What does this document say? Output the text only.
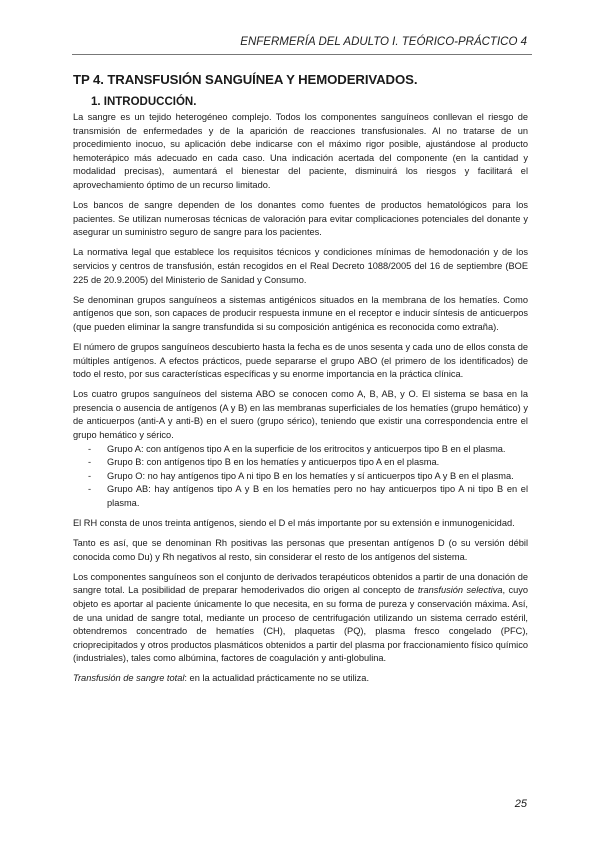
ENFERMERÍA DEL ADULTO I. TEÓRICO-PRÁCTICO 4
TP 4. TRANSFUSIÓN SANGUÍNEA Y HEMODERIVADOS.
1. INTRODUCCIÓN.

La sangre es un tejido heterogéneo complejo. Todos los componentes sanguíneos conllevan el riesgo de transmisión de enfermedades y de la aparición de reacciones transfusionales. Al no tratarse de un procedimiento inocuo, su aplicación debe indicarse con el máximo rigor posible, ajustándose al producto hemoterápico más adecuado en cada caso. Una indicación acertada del componente (en la cantidad y modalidad precisas), aumentará el bienestar del paciente, disminuirá los riesgos y facilitará el aprovechamiento óptimo de un recurso limitado.

Los bancos de sangre dependen de los donantes como fuentes de productos hematológicos para los pacientes. Se utilizan numerosas técnicas de valoración para evitar complicaciones potenciales del donante y asegurar un suministro seguro de sangre para los pacientes.

La normativa legal que establece los requisitos técnicos y condiciones mínimas de hemodonación y de los servicios y centros de transfusión, están recogidos en el Real Decreto 1088/2005 del 16 de septiembre (BOE 225 de 20.9.2005) del Ministerio de Sanidad y Consumo.

Se denominan grupos sanguíneos a sistemas antigénicos situados en la membrana de los hematíes. Como antígenos que son, son capaces de producir respuesta inmune en el receptor e inducir síntesis de anticuerpos (que pueden eliminar la sangre transfundida si su composición antigénica es reconocida como extraña).

El número de grupos sanguíneos descubierto hasta la fecha es de unos sesenta y cada uno de ellos consta de múltiples antígenos. A efectos prácticos, puede separarse el grupo ABO (el primero de los identificados) de todo el resto, por sus características específicas y su enorme importancia en la práctica clínica.

Los cuatro grupos sanguíneos del sistema ABO se conocen como A, B, AB, y O. El sistema se basa en la presencia o ausencia de antígenos (A y B) en las membranas superficiales de los hematíes (grupo hemático) y de anticuerpos (anti-A y anti-B) en el suero (grupo sérico), teniendo que existir una correspondencia entre el grupo hemático y sérico.

- Grupo A: con antígenos tipo A en la superficie de los eritrocitos y anticuerpos tipo B en el plasma.
- Grupo B: con antígenos tipo B en los hematíes y anticuerpos tipo A en el plasma.
- Grupo O: no hay antígenos tipo A ni tipo B en los hematíes y sí anticuerpos tipo A y B en el plasma.
- Grupo AB: hay antígenos tipo A y B en los hematíes pero no hay anticuerpos tipo A ni tipo B en el plasma.

El RH consta de unos treinta antígenos, siendo el D el más importante por su extensión e inmunogenicidad.

Tanto es así, que se denominan Rh positivas las personas que presentan antígenos D (o su versión débil conocida como Du) y Rh negativos al resto, sin considerar el resto de los antígenos del sistema.

Los componentes sanguíneos son el conjunto de derivados terapéuticos obtenidos a partir de una donación de sangre total. La posibilidad de preparar hemoderivados dio origen al concepto de transfusión selectiva, cuyo objeto es aportar al paciente únicamente lo que necesita, en su forma de pureza y conservación máxima. Así, de una unidad de sangre total, mediante un proceso de centrifugación utilizando un sistema cerrado estéril, obtendremos concentrado de hematíes (CH), plaquetas (PQ), plasma fresco congelado (PFC), crioprecipitados y otros productos plasmáticos obtenidos a partir del plasma por fraccionamiento físico químico (industriales), tales como albúmina, factores de coagulación y anti-globulina.

Transfusión de sangre total: en la actualidad prácticamente no se utiliza.

25
